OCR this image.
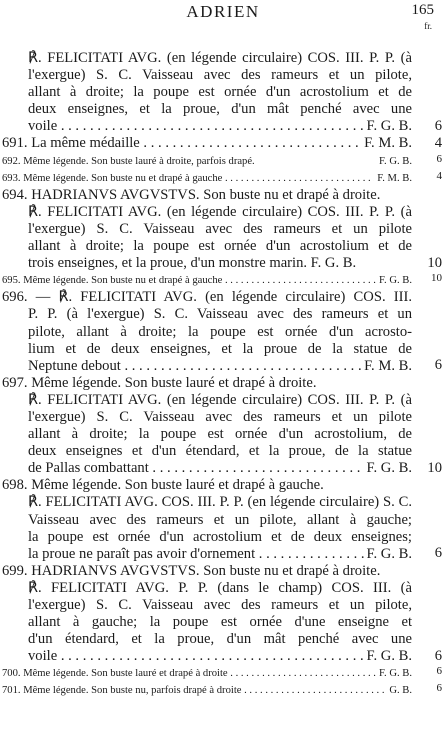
ADRIEN	165
fr.
℟. FELICITATI AVG. (en légende circulaire) COS. III. P. P. (à
l'exergue) S. C. Vaisseau avec des rameurs et un pilote,
allant à droite; la poupe est ornée d'un acrostolium et de
deux enseignes, et la proue, d'un mât penché avec une
voile . . .	F. G. B. 6
691. La même médaille . . .	F. M. B. 4
692. Même légende. Son buste lauré à droite, parfois drapé.	F. G. B. 6
693. Même légende. Son buste nu et drapé à gauche . . .	F. M. B. 4
694. HADRIANVS AVGVSTVS. Son buste nu et drapé à droite.
℟. FELICITATI AVG. (en légende circulaire) COS. III. P. P. (à
l'exergue) S. C. Vaisseau avec des rameurs et un pilote
allant à droite; la poupe est ornée d'un acrostolium et de
trois enseignes, et la proue, d'un monstre marin. F. G. B.	10
695. Même légende. Son buste nu et drapé à gauche . . .	F. G. B. 10
696. — ℟. FELICITATI AVG. (en légende circulaire) COS. III.
P. P. (à l'exergue) S. C. Vaisseau avec des rameurs et un
pilote, allant à droite; la poupe est ornée d'un acrosto-
lium et de deux enseignes, et la proue de la statue de
Neptune debout . . .	F. M. B. 6
697. Même légende. Son buste lauré et drapé à droite.
℟. FELICITATI AVG. (en légende circulaire) COS. III. P. P. (à
l'exergue) S. C. Vaisseau avec des rameurs et un pilote
allant à droite; la poupe est ornée d'un acrostolium, de
deux enseignes et d'un étendard, et la proue, de la statue
de Pallas combattant . . .	F. G. B. 10
698. Même légende. Son buste lauré et drapé à gauche.
℟. FELICITATI AVG. COS. III. P. P. (en légende circulaire) S. C.
Vaisseau avec des rameurs et un pilote, allant à gauche;
la poupe est ornée d'un acrostolium et de deux enseignes;
la proue ne paraît pas avoir d'ornement . . .	F. G. B. 6
699. HADRIANVS AVGVSTVS. Son buste nu et drapé à droite.
℟. FELICITATI AVG. P. P. (dans le champ) COS. III. (à
l'exergue) S. C. Vaisseau avec des rameurs et un pilote,
allant à gauche; la poupe est ornée d'une enseigne et
d'un étendard, et la proue, d'un mât penché avec une
voile . . .	F. G. B. 6
700. Même légende. Son buste lauré et drapé à droite . . .	F. G. B. 6
701. Même légende. Son buste nu, parfois drapé à droite . . .	G. B. 6
